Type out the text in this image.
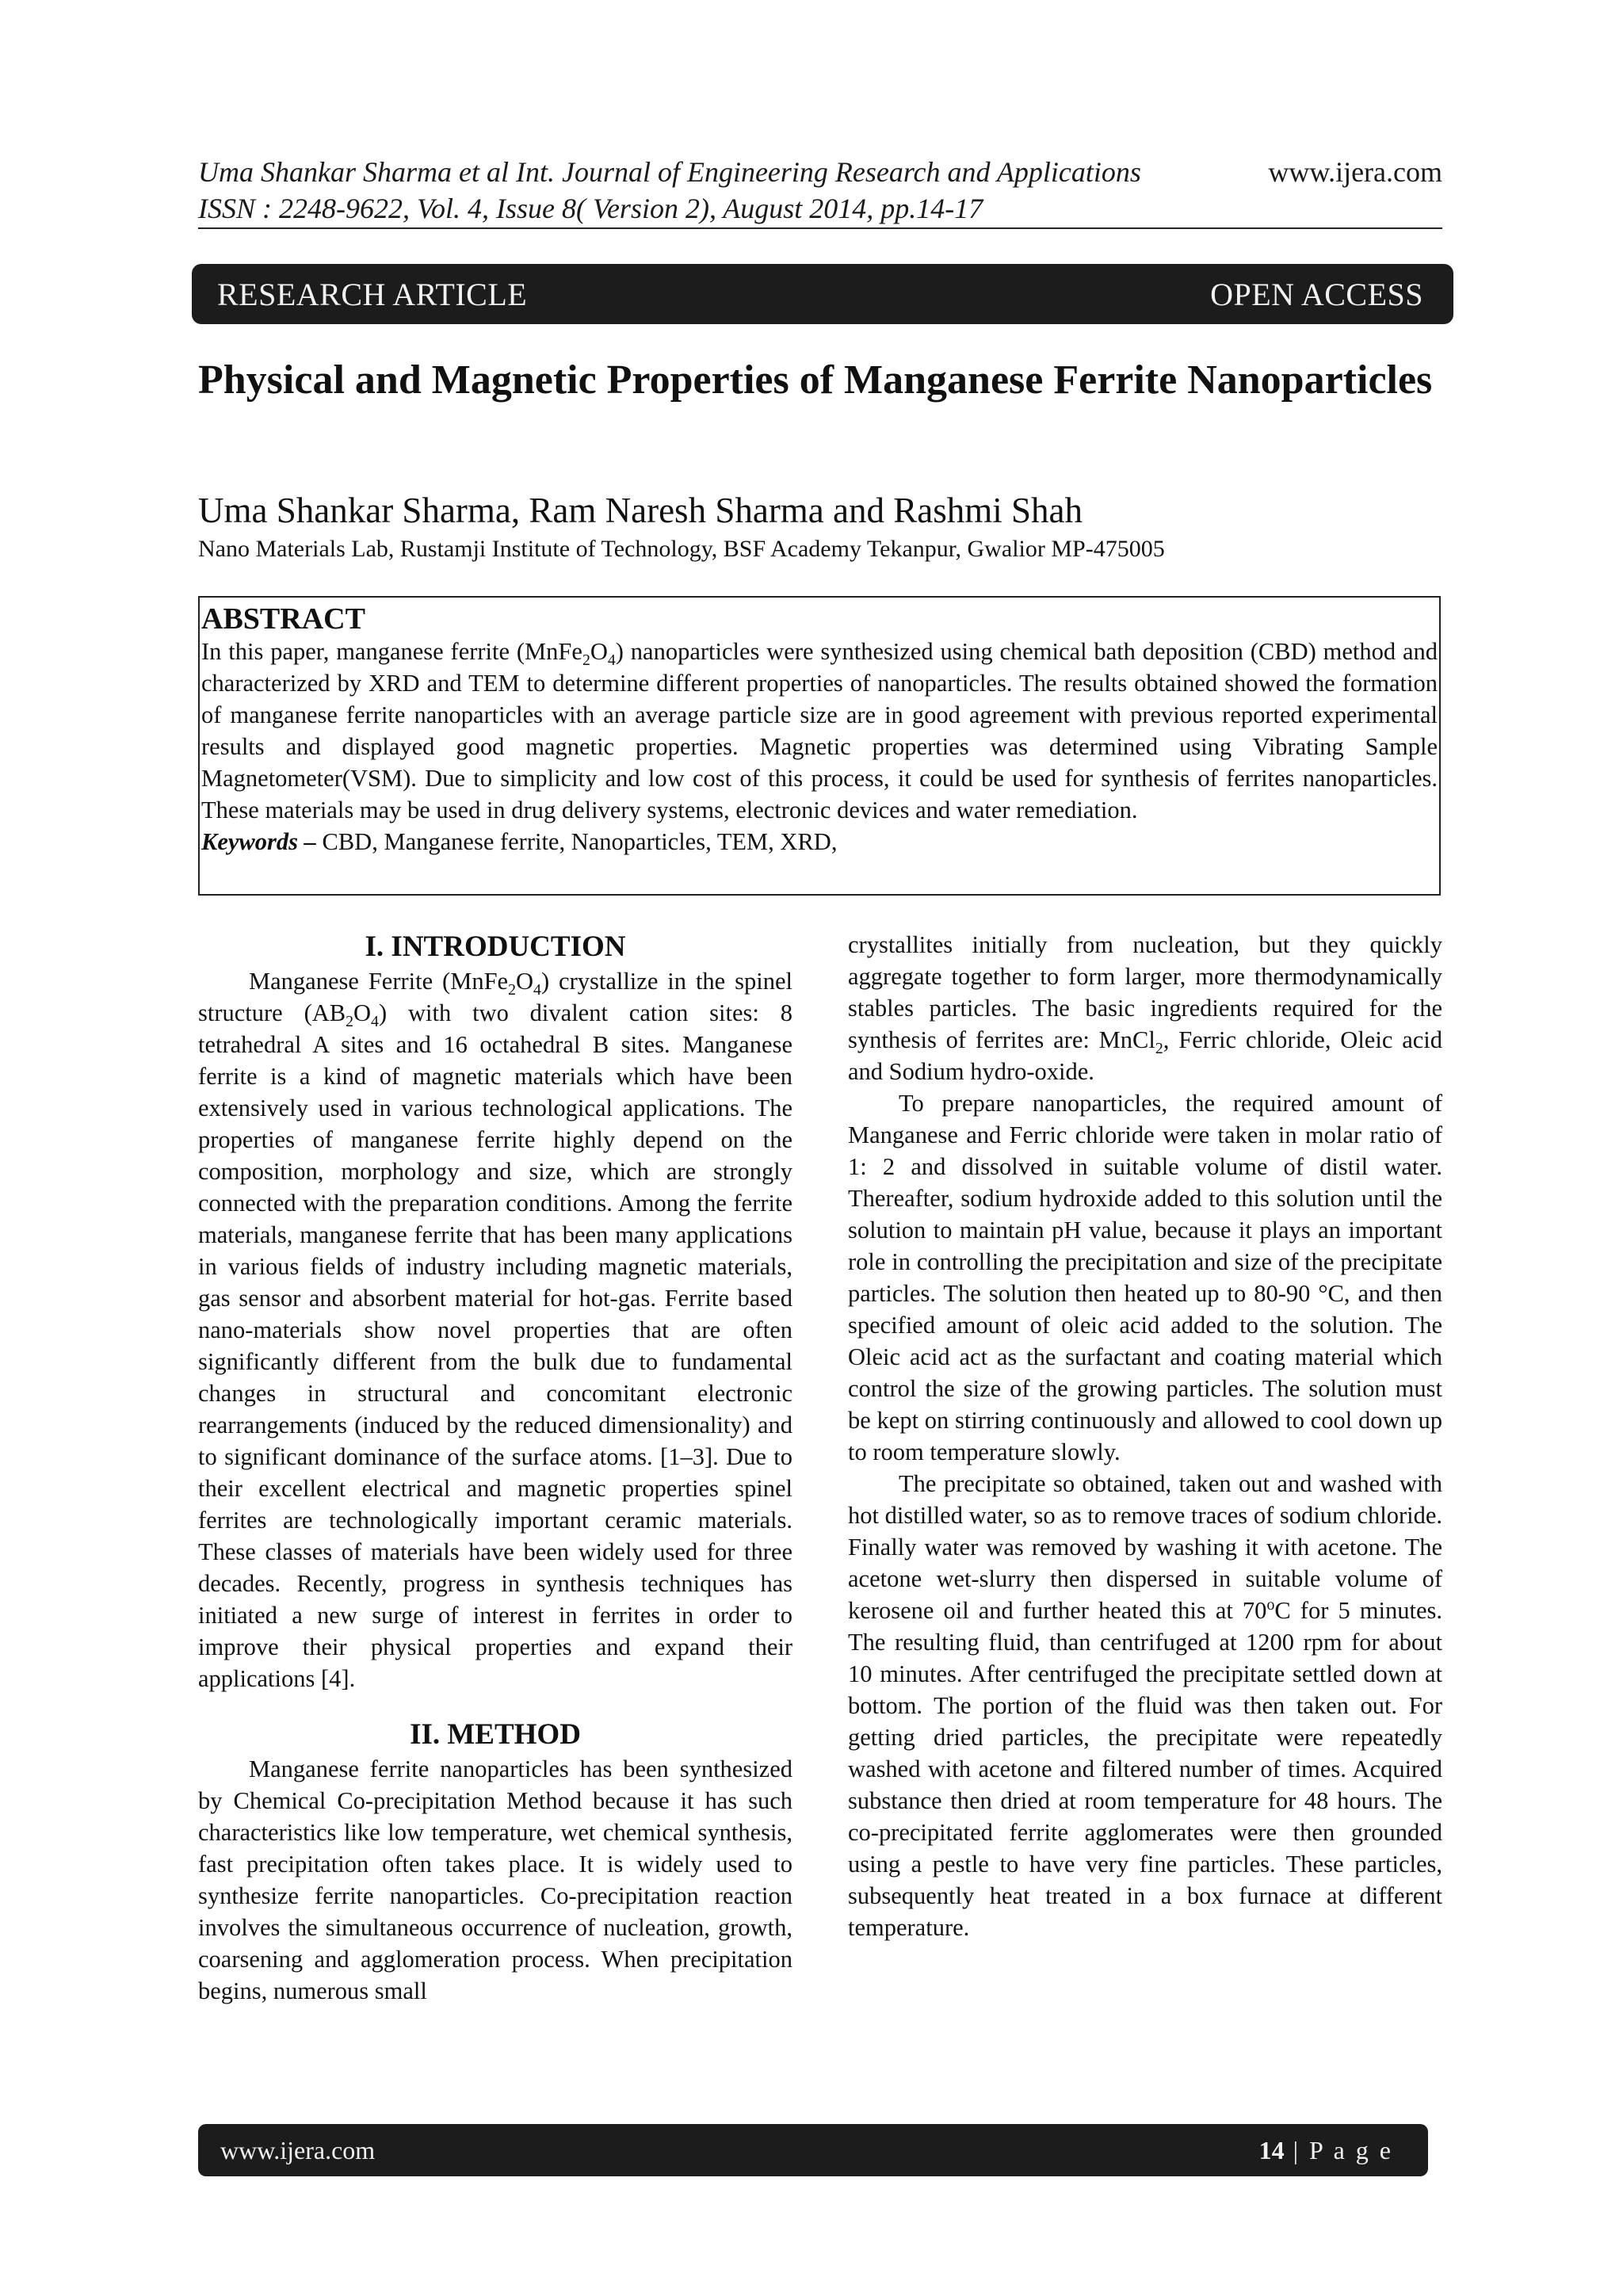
Uma Shankar Sharma et al Int. Journal of Engineering Research and Applications	www.ijera.com
ISSN : 2248-9622, Vol. 4, Issue 8( Version 2), August 2014, pp.14-17
RESEARCH ARTICLE	OPEN ACCESS
Physical and Magnetic Properties of Manganese Ferrite Nanoparticles
Uma Shankar Sharma, Ram Naresh Sharma and Rashmi Shah
Nano Materials Lab, Rustamji Institute of Technology, BSF Academy Tekanpur, Gwalior MP-475005
ABSTRACT
In this paper, manganese ferrite $(MnFe_2O_4)$ nanoparticles were synthesized using chemical bath deposition (CBD) method and characterized by XRD and TEM to determine different properties of nanoparticles. The results obtained showed the formation of manganese ferrite nanoparticles with an average particle size are in good agreement with previous reported experimental results and displayed good magnetic properties. Magnetic properties was determined using Vibrating Sample Magnetometer(VSM). Due to simplicity and low cost of this process, it could be used for synthesis of ferrites nanoparticles. These materials may be used in drug delivery systems, electronic devices and water remediation.
Keywords – CBD, Manganese ferrite, Nanoparticles, TEM, XRD,
I. INTRODUCTION

Manganese Ferrite $(MnFe_2O_4)$ crystallize in the spinel structure $(AB_2O_4)$ with two divalent cation sites: 8 tetrahedral A sites and 16 octahedral B sites. Manganese ferrite is a kind of magnetic materials which have been extensively used in various technological applications. The properties of manganese ferrite highly depend on the composition, morphology and size, which are strongly connected with the preparation conditions. Among the ferrite materials, manganese ferrite that has been many applications in various fields of industry including magnetic materials, gas sensor and absorbent material for hot-gas. Ferrite based nano-materials show novel properties that are often significantly different from the bulk due to fundamental changes in structural and concomitant electronic rearrangements (induced by the reduced dimensionality) and to significant dominance of the surface atoms. [1–3]. Due to their excellent electrical and magnetic properties spinel ferrites are technologically important ceramic materials. These classes of materials have been widely used for three decades. Recently, progress in synthesis techniques has initiated a new surge of interest in ferrites in order to improve their physical properties and expand their applications [4].

II. METHOD

Manganese ferrite nanoparticles has been synthesized by Chemical Co-precipitation Method because it has such characteristics like low temperature, wet chemical synthesis, fast precipitation often takes place. It is widely used to synthesize ferrite nanoparticles. Co-precipitation reaction involves the simultaneous occurrence of nucleation, growth, coarsening and agglomeration process. When precipitation begins, numerous small

crystallites initially from nucleation, but they quickly aggregate together to form larger, more thermodynamically stables particles. The basic ingredients required for the synthesis of ferrites are: MnCl$_2$, Ferric chloride, Oleic acid and Sodium hydro-oxide.

To prepare nanoparticles, the required amount of Manganese and Ferric chloride were taken in molar ratio of 1: 2 and dissolved in suitable volume of distil water. Thereafter, sodium hydroxide added to this solution until the solution to maintain pH value, because it plays an important role in controlling the precipitation and size of the precipitate particles. The solution then heated up to 80-90 °C, and then specified amount of oleic acid added to the solution. The Oleic acid act as the surfactant and coating material which control the size of the growing particles. The solution must be kept on stirring continuously and allowed to cool down up to room temperature slowly.

The precipitate so obtained, taken out and washed with hot distilled water, so as to remove traces of sodium chloride. Finally water was removed by washing it with acetone. The acetone wet-slurry then dispersed in suitable volume of kerosene oil and further heated this at 70$^o$C for 5 minutes. The resulting fluid, than centrifuged at 1200 rpm for about 10 minutes. After centrifuged the precipitate settled down at bottom. The portion of the fluid was then taken out. For getting dried particles, the precipitate were repeatedly washed with acetone and filtered number of times. Acquired substance then dried at room temperature for 48 hours. The co-precipitated ferrite agglomerates were then grounded using a pestle to have very fine particles. These particles, subsequently heat treated in a box furnace at different temperature.

www.ijera.com	14 | P a g e
